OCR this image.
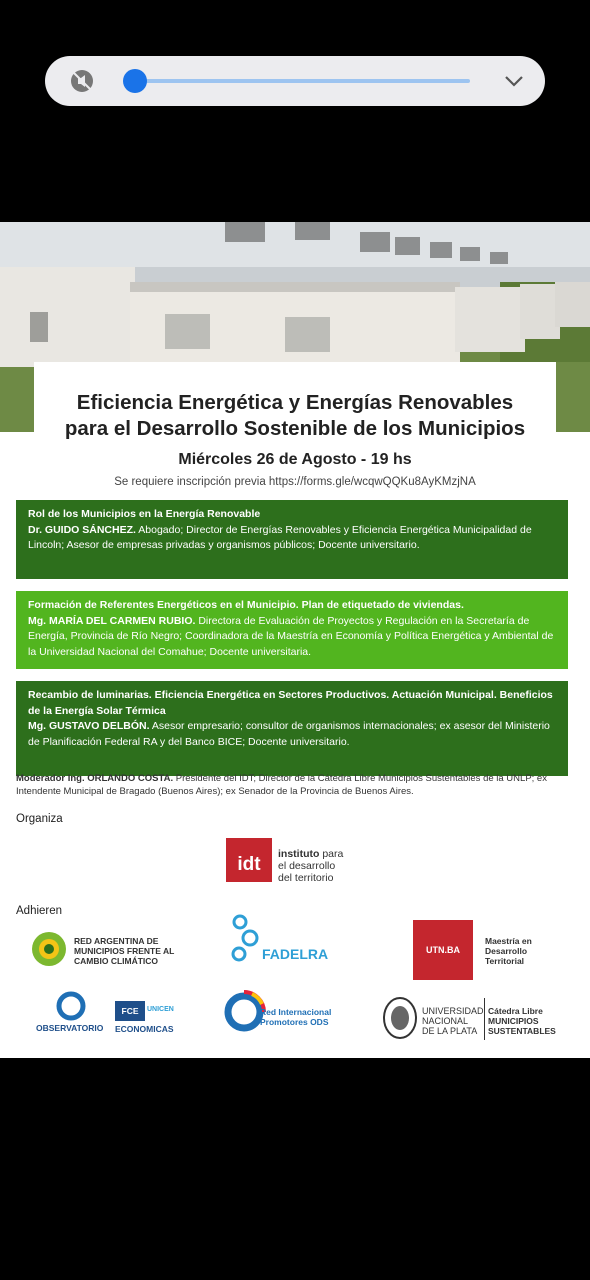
Eficiencia Energética y Energías Renovables
para el Desarrollo Sostenible de los Municipios
Miércoles 26 de Agosto - 19 hs
Se requiere inscripción previa https://forms.gle/wcqwQQKu8AyKMzjNA
Rol de los Municipios en la Energía Renovable
Dr. GUIDO SÁNCHEZ. Abogado; Director de Energías Renovables y Eficiencia Energética Municipalidad de Lincoln; Asesor de empresas privadas y organismos públicos; Docente universitario.
Formación de Referentes Energéticos en el Municipio. Plan de etiquetado de viviendas.
Mg. MARÍA DEL CARMEN RUBIO. Directora de Evaluación de Proyectos y Regulación en la Secretaría de Energía, Provincia de Río Negro; Coordinadora de la Maestría en Economía y Política Energética y Ambiental de la Universidad Nacional del Comahue; Docente universitaria.
Recambio de luminarias. Eficiencia Energética en Sectores Productivos. Actuación Municipal. Beneficios de la Energía Solar Térmica
Mg. GUSTAVO DELBÓN. Asesor empresario; consultor de organismos internacionales; ex asesor del Ministerio de Planificación Federal RA y del Banco BICE; Docente universitario.
Moderador Ing. ORLANDO COSTA. Presidente del IDT; Director de la Cátedra Libre Municipios Sustentables de la UNLP; ex Intendente Municipal de Bragado (Buenos Aires); ex Senador de la Provincia de Buenos Aires.
Organiza
idt	instituto para
el desarrollo
del territorio
Adhieren
RED ARGENTINA DE
MUNICIPIOS FRENTE AL
CAMBIO CLIMÁTICO	FADELRA	UTN.BA
Maestría en
Desarrollo
Territorial
OBSERVATORIO
FCE	UNICEN
ECONOMICAS
Red Internacional
Promotores ODS
UNIVERSIDAD
NACIONAL
DE LA PLATA
Cátedra Libre
MUNICIPIOS
SUSTENTABLES
